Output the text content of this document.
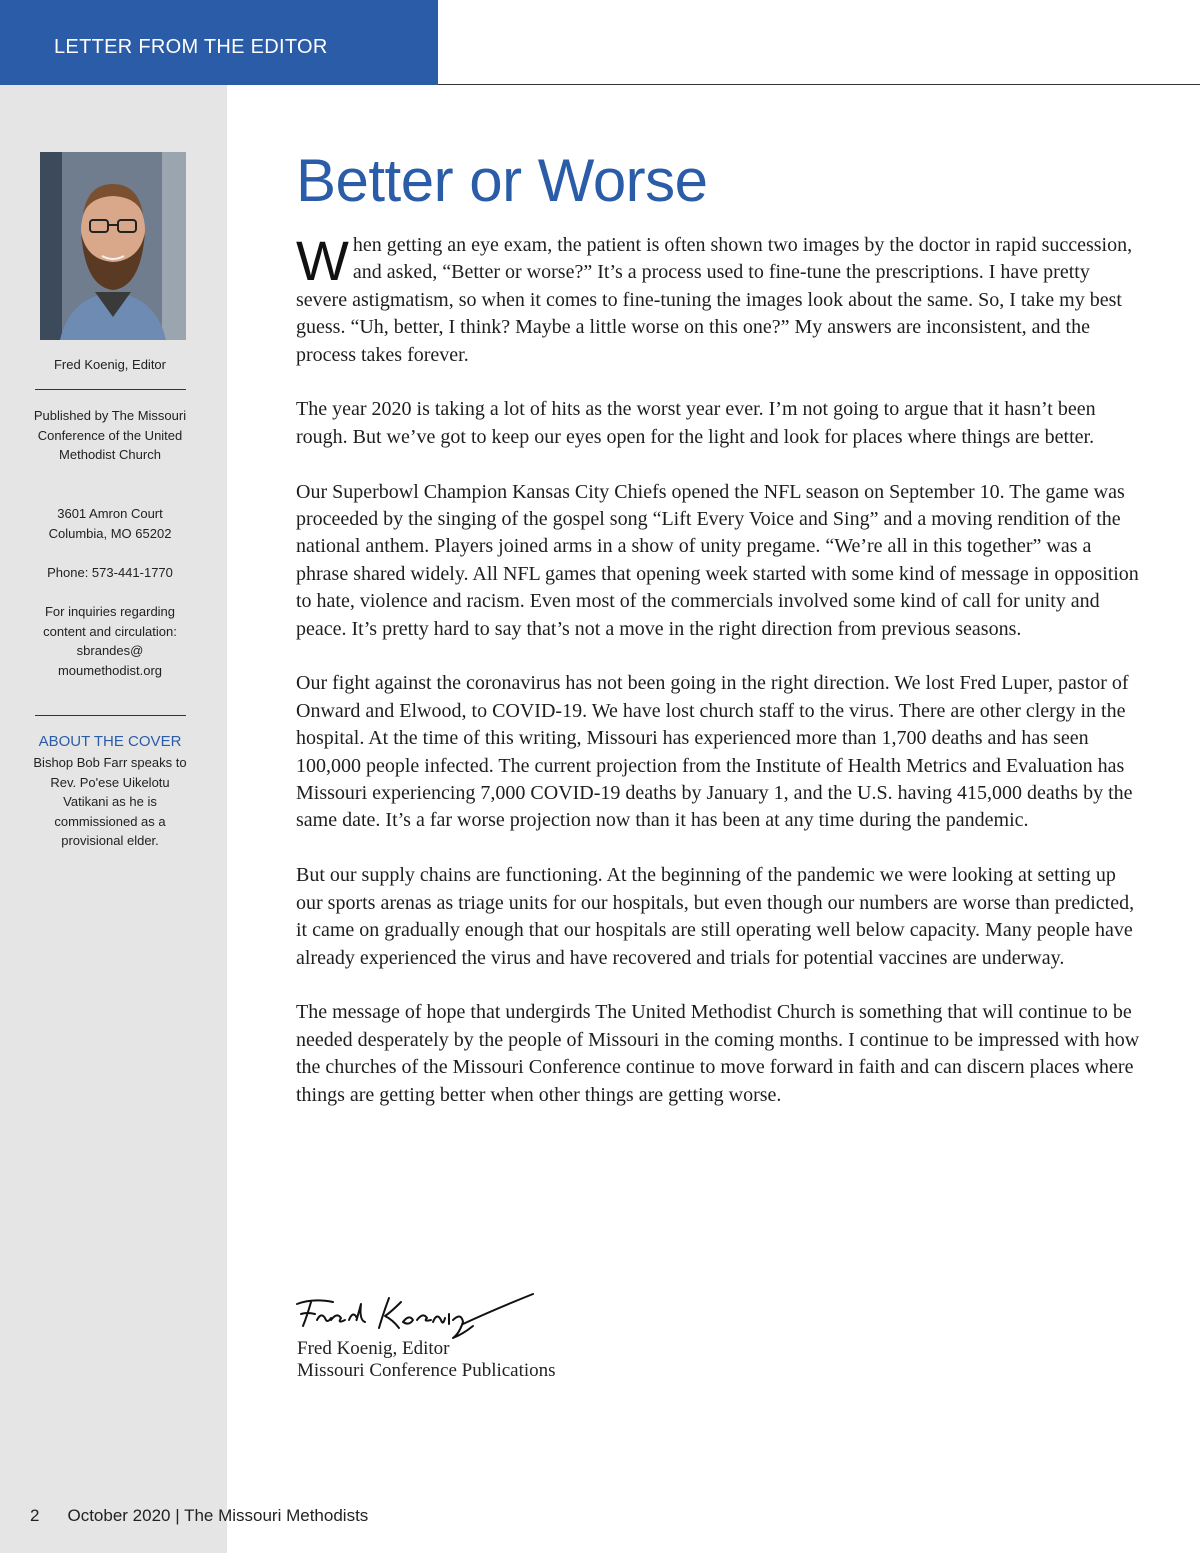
LETTER FROM THE EDITOR
Fred Koenig, Editor
Published by The Missouri Conference of the United Methodist Church
3601 Amron Court
Columbia, MO 65202
Phone: 573-441-1770
For inquiries regarding content and circulation: sbrandes@ moumethodist.org
ABOUT THE COVER
Bishop Bob Farr speaks to Rev. Po'ese Uikelotu Vatikani as he is commissioned as a provisional elder.
Better or Worse

When getting an eye exam, the patient is often shown two images by the doctor in rapid succession, and asked, “Better or worse?” It’s a process used to fine-tune the prescriptions. I have pretty severe astigmatism, so when it comes to fine-tuning the images look about the same. So, I take my best guess. “Uh, better, I think? Maybe a little worse on this one?” My answers are inconsistent, and the process takes forever.

The year 2020 is taking a lot of hits as the worst year ever. I’m not going to argue that it hasn’t been rough. But we’ve got to keep our eyes open for the light and look for places where things are better.

Our Superbowl Champion Kansas City Chiefs opened the NFL season on September 10. The game was proceeded by the singing of the gospel song “Lift Every Voice and Sing” and a moving rendition of the national anthem. Players joined arms in a show of unity pregame. “We’re all in this together” was a phrase shared widely. All NFL games that opening week started with some kind of message in opposition to hate, violence and racism. Even most of the commercials involved some kind of call for unity and peace. It’s pretty hard to say that’s not a move in the right direction from previous seasons.

Our fight against the coronavirus has not been going in the right direction. We lost Fred Luper, pastor of Onward and Elwood, to COVID-19. We have lost church staff to the virus. There are other clergy in the hospital. At the time of this writing, Missouri has experienced more than 1,700 deaths and has seen 100,000 people infected. The current projection from the Institute of Health Metrics and Evaluation has Missouri experiencing 7,000 COVID-19 deaths by January 1, and the U.S. having 415,000 deaths by the same date. It’s a far worse projection now than it has been at any time during the pandemic.

But our supply chains are functioning. At the beginning of the pandemic we were looking at setting up our sports arenas as triage units for our hospitals, but even though our numbers are worse than predicted, it came on gradually enough that our hospitals are still operating well below capacity. Many people have already experienced the virus and have recovered and trials for potential vaccines are underway.

The message of hope that undergirds The United Methodist Church is something that will continue to be needed desperately by the people of Missouri in the coming months. I continue to be impressed with how the churches of the Missouri Conference continue to move forward in faith and can discern places where things are getting better when other things are getting worse.

Fred Koenig, Editor
Missouri Conference Publications
2 October 2020 | The Missouri Methodists
